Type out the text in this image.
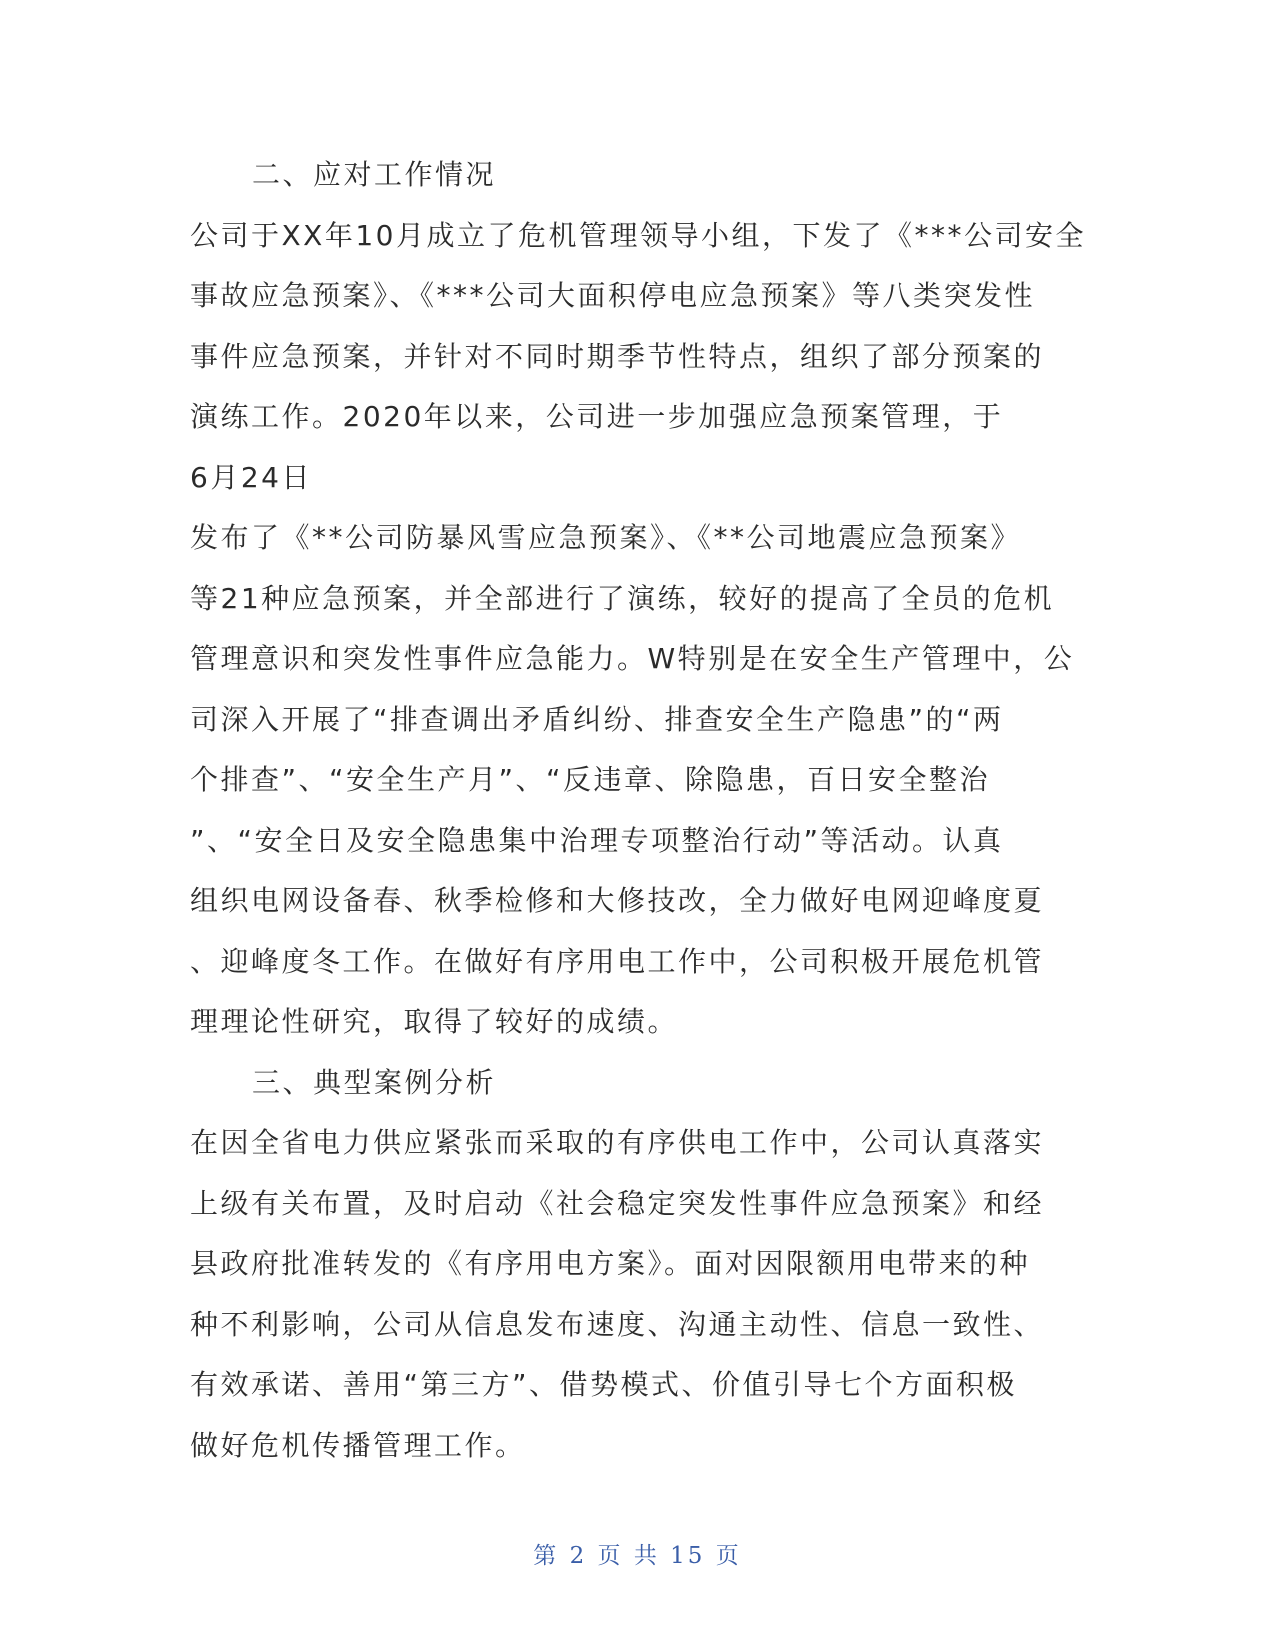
二、应对工作情况
公司于XX年10月成立了危机管理领导小组，下发了《***公司安全
事故应急预案》、《***公司大面积停电应急预案》等八类突发性
事件应急预案，并针对不同时期季节性特点，组织了部分预案的
演练工作。2020年以来，公司进一步加强应急预案管理，于
6月24日
发布了《**公司防暴风雪应急预案》、《**公司地震应急预案》
等21种应急预案，并全部进行了演练，较好的提高了全员的危机
管理意识和突发性事件应急能力。W特别是在安全生产管理中，公
司深入开展了“排查调出矛盾纠纷、排查安全生产隐患”的“两
个排查”、“安全生产月”、“反违章、除隐患，百日安全整治
”、“安全日及安全隐患集中治理专项整治行动”等活动。认真
组织电网设备春、秋季检修和大修技改，全力做好电网迎峰度夏
、迎峰度冬工作。在做好有序用电工作中，公司积极开展危机管
理理论性研究，取得了较好的成绩。
三、典型案例分析
在因全省电力供应紧张而采取的有序供电工作中，公司认真落实
上级有关布置，及时启动《社会稳定突发性事件应急预案》和经
县政府批准转发的《有序用电方案》。面对因限额用电带来的种
种不利影响，公司从信息发布速度、沟通主动性、信息一致性、
有效承诺、善用“第三方”、借势模式、价值引导七个方面积极
做好危机传播管理工作。
第 2 页 共 15 页
